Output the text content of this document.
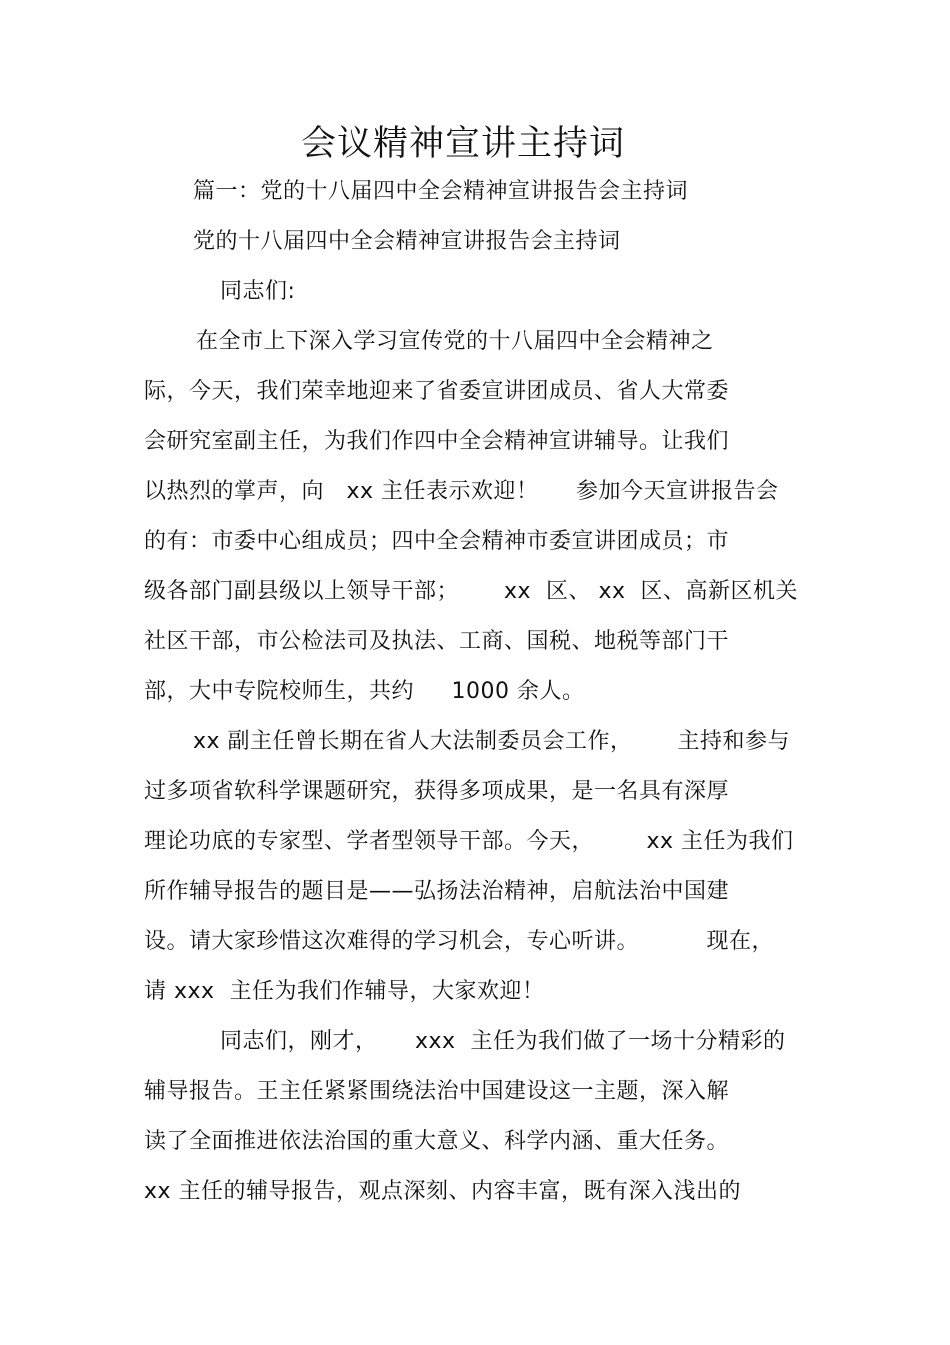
会议精神宣讲主持词
篇一：党的十八届四中全会精神宣讲报告会主持词
党的十八届四中全会精神宣讲报告会主持词
同志们:
在全市上下深入学习宣传党的十八届四中全会精神之
际，今天，我们荣幸地迎来了省委宣讲团成员、省人大常委
会研究室副主任，为我们作四中全会精神宣讲辅导。让我们
以热烈的掌声，向   xx 主任表示欢迎！     参加今天宣讲报告会
的有：市委中心组成员；四中全会精神市委宣讲团成员；市
级各部门副县级以上领导干部；      xx  区、 xx  区、高新区机关
社区干部，市公检法司及执法、工商、国税、地税等部门干
部，大中专院校师生，共约     1000 余人。
xx 副主任曾长期在省人大法制委员会工作，      主持和参与
过多项省软科学课题研究，获得多项成果，是一名具有深厚
理论功底的专家型、学者型领导干部。今天，       xx 主任为我们
所作辅导报告的题目是——弘扬法治精神，启航法治中国建
设。请大家珍惜这次难得的学习机会，专心听讲。         现在，
请 xxx  主任为我们作辅导，大家欢迎！
同志们，刚才，     xxx  主任为我们做了一场十分精彩的
辅导报告。王主任紧紧围绕法治中国建设这一主题，深入解
读了全面推进依法治国的重大意义、科学内涵、重大任务。
xx 主任的辅导报告，观点深刻、内容丰富，既有深入浅出的
